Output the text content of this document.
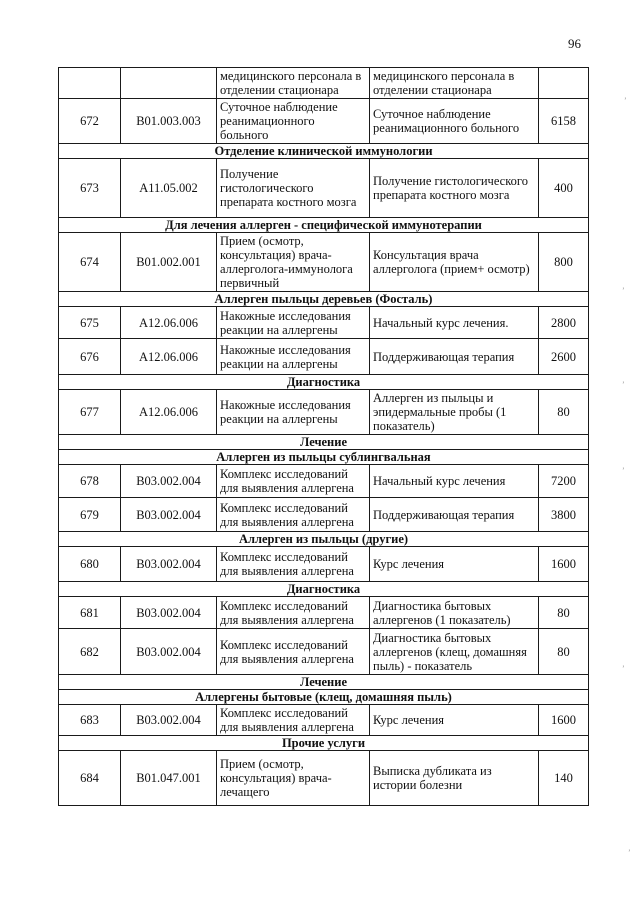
96
		медицинского персонала в отделении стационара	медицинского персонала в отделении стационара	
672	В01.003.003	Суточное наблюдение реанимационного больного	Суточное наблюдение реанимационного больного	6158
Отделение клинической иммунологии				
673	А11.05.002	Получение гистологического препарата костного мозга	Получение гистологического препарата костного мозга	400
Для лечения аллерген - специфической иммунотерапии				
674	В01.002.001	Прием (осмотр, консультация) врача-аллерголога-иммунолога первичный	Консультация врача аллерголога (прием+ осмотр)	800
Аллерген пыльцы деревьев (Фосталь)				
675	А12.06.006	Накожные исследования реакции на аллергены	Начальный курс лечения.	2800
676	А12.06.006	Накожные исследования реакции на аллергены	Поддерживающая терапия	2600
Диагностика				
677	А12.06.006	Накожные исследования реакции на аллергены	Аллерген из пыльцы и эпидермальные пробы (1 показатель)	80
Лечение				
Аллерген из пыльцы сублингвальная				
678	В03.002.004	Комплекс исследований для выявления аллергена	Начальный курс лечения	7200
679	В03.002.004	Комплекс исследований для выявления аллергена	Поддерживающая терапия	3800
Аллерген из пыльцы (другие)				
680	В03.002.004	Комплекс исследований для выявления аллергена	Курс лечения	1600
Диагностика				
681	В03.002.004	Комплекс исследований для выявления аллергена	Диагностика бытовых аллергенов (1 показатель)	80
682	В03.002.004	Комплекс исследований для выявления аллергена	Диагностика бытовых аллергенов (клещ, домашняя пыль) - показатель	80
Лечение				
Аллергены бытовые (клещ, домашняя пыль)				
683	В03.002.004	Комплекс исследований для выявления аллергена	Курс лечения	1600
Прочие услуги				
684	В01.047.001	Прием (осмотр, консультация) врача-лечащего	Выписка дубликата из истории болезни	140
ʼ
ʼ
ʼ
ʼ
ʼ
ʼ
